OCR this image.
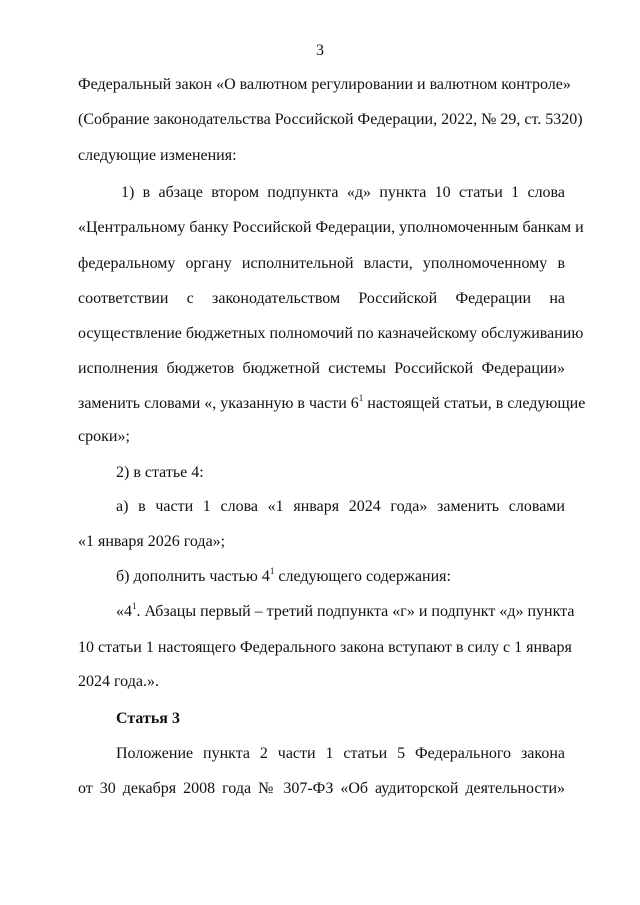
3
Федеральный закон «О валютном регулировании и валютном контроле»
(Собрание законодательства Российской Федерации, 2022, № 29, ст. 5320)
следующие изменения:
1) в абзаце втором подпункта «д» пункта 10 статьи 1 слова
«Центральному банку Российской Федерации, уполномоченным банкам и
федеральному органу исполнительной власти, уполномоченному в
соответствии с законодательством Российской Федерации на
осуществление бюджетных полномочий по казначейскому обслуживанию
исполнения бюджетов бюджетной системы Российской Федерации»
заменить словами «, указанную в части $6^1$ настоящей статьи, в следующие
сроки»;
2) в статье 4:
а) в части 1 слова «1 января 2024 года» заменить словами
«1 января 2026 года»;
б) дополнить частью $4^1$ следующего содержания:
«$4^1$. Абзацы первый – третий подпункта «г» и подпункт «д» пункта
10 статьи 1 настоящего Федерального закона вступают в силу с 1 января
2024 года.».
Статья 3
Положение пункта 2 части 1 статьи 5 Федерального закона
от 30 декабря 2008 года № 307-ФЗ «Об аудиторской деятельности»
